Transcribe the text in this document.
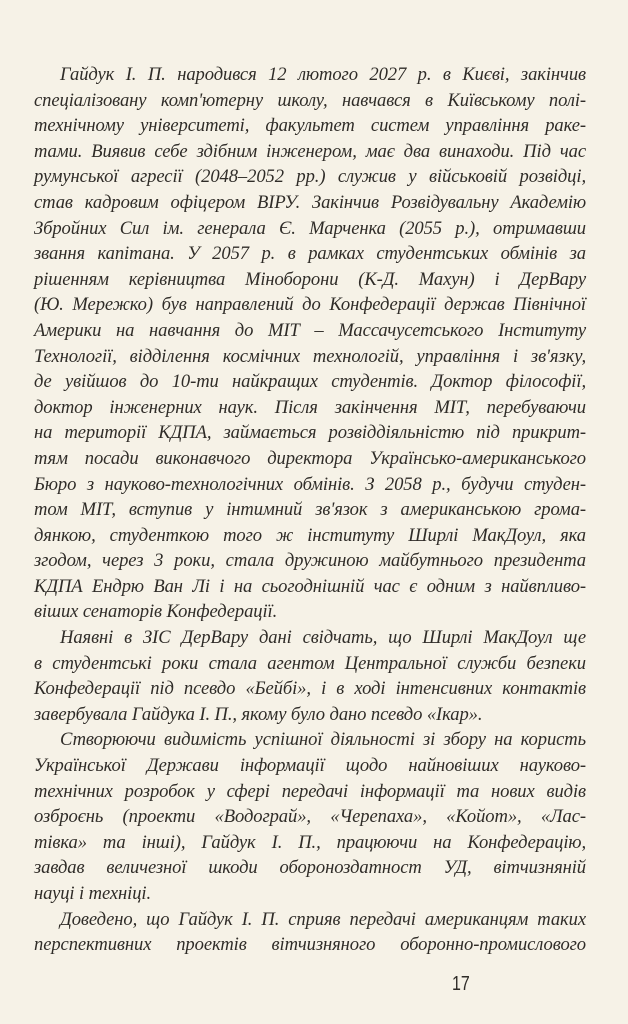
Гайдук І. П. народився 12 лютого 2027 р. в Києві, закінчив
спеціалізовану комп'ютерну школу, навчався в Київському полі-
технічному університеті, факультет систем управління раке-
тами. Виявив себе здібним інженером, має два винаходи. Під час
румунської агресії (2048–2052 рр.) служив у військовій розвідці,
став кадровим офіцером ВІРУ. Закінчив Розвідувальну Академію
Збройних Сил ім. генерала Є. Марченка (2055 р.), отримавши
звання капітана. У 2057 р. в рамках студентських обмінів за
рішенням керівництва Міноборони (К-Д. Махун) і ДерВару
(Ю. Мережко) був направлений до Конфедерації держав Північної
Америки на навчання до МІТ – Массачусетського Інституту
Технології, відділення космічних технологій, управління і зв'язку,
де увійшов до 10-ти найкращих студентів. Доктор філософії,
доктор інженерних наук. Після закінчення МІТ, перебуваючи
на території КДПА, займається розвіддіяльністю під прикрит-
тям посади виконавчого директора Українсько-американського
Бюро з науково-технологічних обмінів. З 2058 р., будучи студен-
том МІТ, вступив у інтимний зв'язок з американською грома-
дянкою, студенткою того ж інституту Ширлі МакДоул, яка
згодом, через 3 роки, стала дружиною майбутнього президента
КДПА Ендрю Ван Лі і на сьогоднішній час є одним з найвпливо-
віших сенаторів Конфедерації.
Наявні в ЗІС ДерВару дані свідчать, що Ширлі МакДоул ще
в студентські роки стала агентом Центральної служби безпеки
Конфедерації під псевдо «Бейбі», і в ході інтенсивних контактів
завербувала Гайдука І. П., якому було дано псевдо «Ікар».
Створюючи видимість успішної діяльності зі збору на користь
Української Держави інформації щодо найновіших науково-
технічних розробок у сфері передачі інформації та нових видів
озброєнь (проекти «Водограй», «Черепаха», «Койот», «Лас-
тівка» та інші), Гайдук І. П., працюючи на Конфедерацію,
завдав величезної шкоди обороноздатност УД, вітчизняній
науці і техніці.
Доведено, що Гайдук І. П. сприяв передачі американцям таких
перспективних проектів вітчизняного оборонно-промислового
17
